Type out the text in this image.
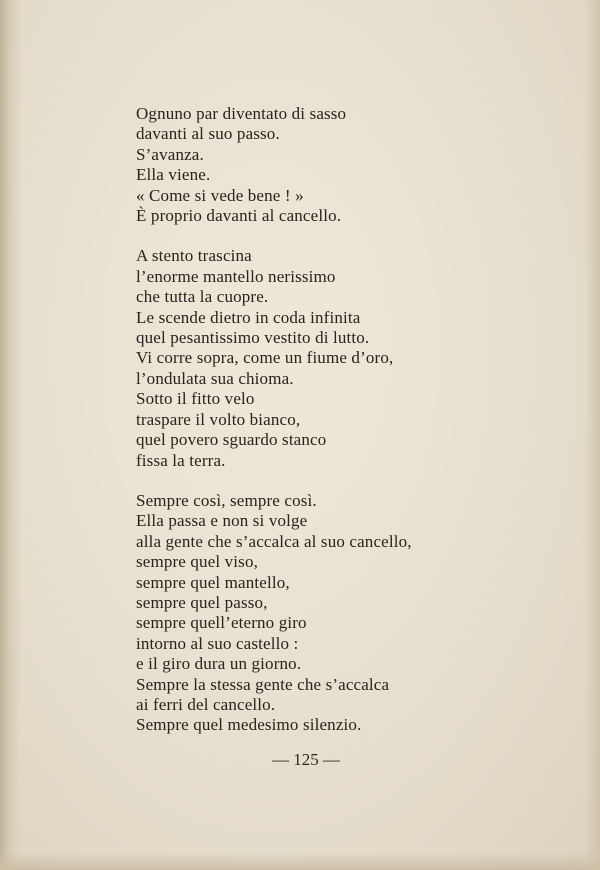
Ognuno par diventato di sasso
davanti al suo passo.
S’avanza.
Ella viene.
« Come si vede bene ! »
È proprio davanti al cancello.
A stento trascina
l’enorme mantello nerissimo
che tutta la cuopre.
Le scende dietro in coda infinita
quel pesantissimo vestito di lutto.
Vi corre sopra, come un fiume d’oro,
l’ondulata sua chioma.
Sotto il fitto velo
traspare il volto bianco,
quel povero sguardo stanco
fissa la terra.
Sempre così, sempre così.
Ella passa e non si volge
alla gente che s’accalca al suo cancello,
sempre quel viso,
sempre quel mantello,
sempre quel passo,
sempre quell’eterno giro
intorno al suo castello :
e il giro dura un giorno.
Sempre la stessa gente che s’accalca
ai ferri del cancello.
Sempre quel medesimo silenzio.
— 125 —
